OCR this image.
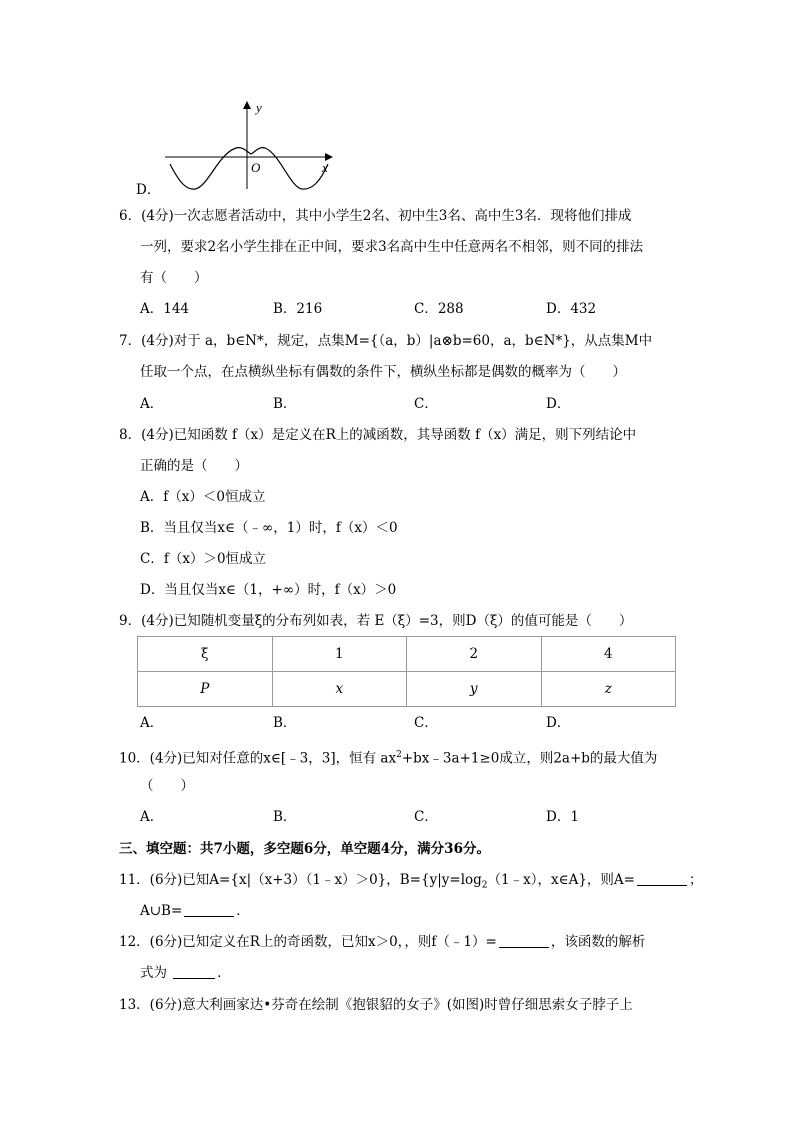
y
x
O
D．
6．(4分)一次志愿者活动中，其中小学生2名、初中生3名、高中生3名．现将他们排成
一列，要求2名小学生排在正中间，要求3名高中生中任意两名不相邻，则不同的排法
有（　　）
A．144	B．216	C．288	D．432
7．(4分)对于 a，b∈N*，规定，点集M={（a，b）|a⊗b=60，a，b∈N*}，从点集M中
任取一个点，在点横纵坐标有偶数的条件下，横纵坐标都是偶数的概率为（　　）
A．	B．	C．	D．
8．(4分)已知函数 f（x）是定义在R上的减函数，其导函数 f（x）满足，则下列结论中
正确的是（　　）
A．f（x）＜0恒成立
B．当且仅当x∈（﹣∞，1）时，f（x）＜0
C．f（x）＞0恒成立
D．当且仅当x∈（1，+∞）时，f（x）＞0
9．(4分)已知随机变量ξ的分布列如表，若 E（ξ）=3，则D（ξ）的值可能是（　　）
ξ	1	2	4
P	x	y	z
A．	B．	C．	D．
10．(4分)已知对任意的x∈[﹣3，3]，恒有 $ax^2+bx﹣3a+1\ge 0$成立，则2a+b的最大值为
（　　）
A．	B．	C．	D．1
三、填空题：共7小题，多空题6分，单空题4分，满分36分。
11．(6分)已知A={x|（x+3）（1﹣x）＞0}，$B=\{y|y=\log_2(1﹣x)$，x∈A}，则A=	；
A∪B=	．
12．(6分)已知定义在R上的奇函数，已知x＞0，，则f（﹣1）=	，该函数的解析
式为	．
13．(6分)意大利画家达•芬奇在绘制《抱银貂的女子》(如图)时曾仔细思索女子脖子上
